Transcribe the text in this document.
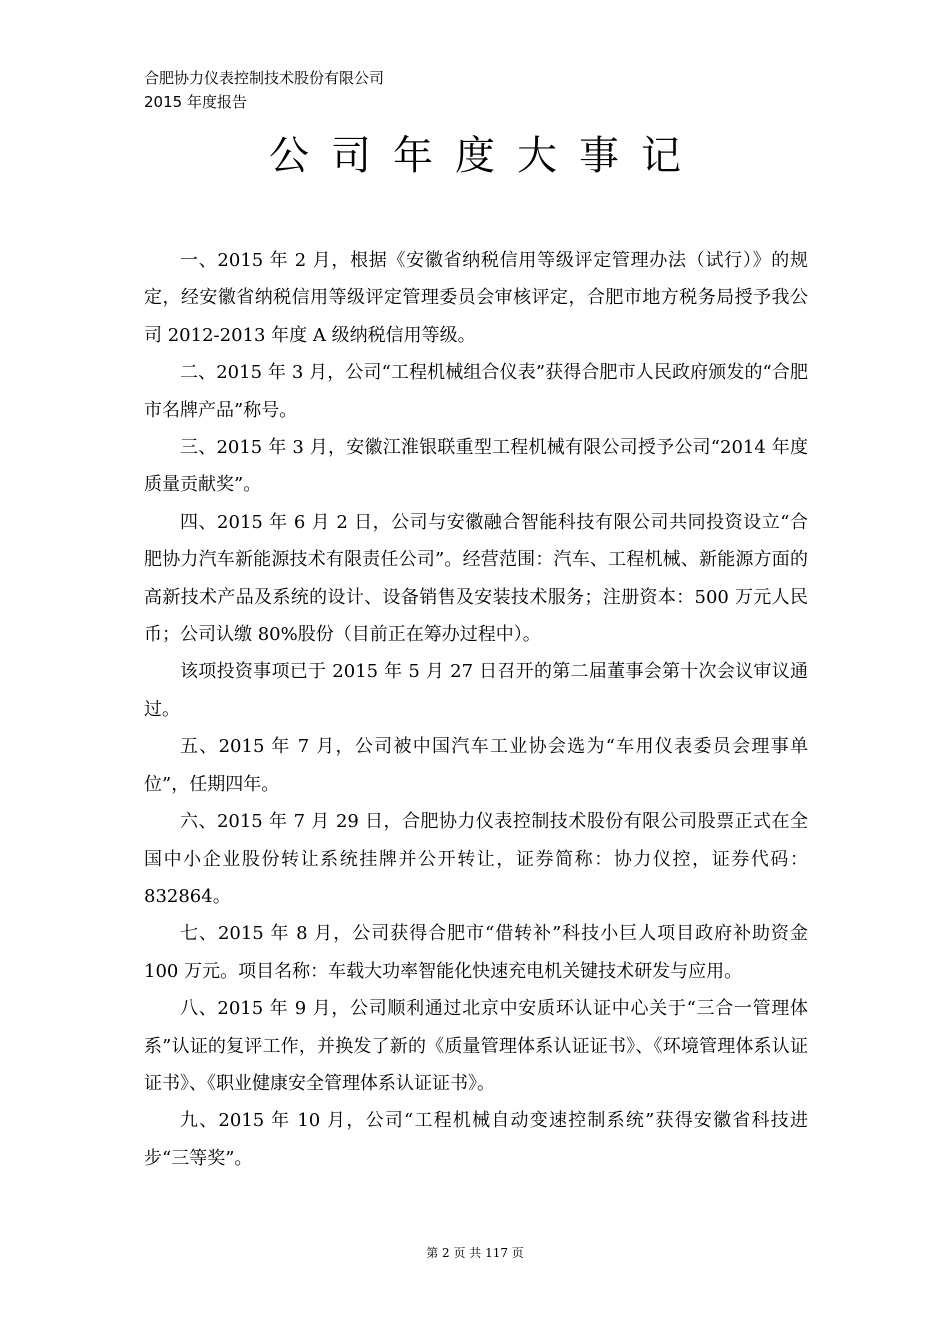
合肥协力仪表控制技术股份有限公司
2015 年度报告
公司年度大事记

一、2015 年 2 月，根据《安徽省纳税信用等级评定管理办法（试行）》的规定，经安徽省纳税信用等级评定管理委员会审核评定，合肥市地方税务局授予我公司 2012-2013 年度 A 级纳税信用等级。

二、2015 年 3 月，公司“工程机械组合仪表”获得合肥市人民政府颁发的“合肥市名牌产品”称号。

三、2015 年 3 月，安徽江淮银联重型工程机械有限公司授予公司“2014 年度质量贡献奖”。

四、2015 年 6 月 2 日，公司与安徽融合智能科技有限公司共同投资设立“合肥协力汽车新能源技术有限责任公司”。经营范围：汽车、工程机械、新能源方面的高新技术产品及系统的设计、设备销售及安装技术服务；注册资本：500 万元人民币；公司认缴 80%股份（目前正在筹办过程中）。

该项投资事项已于 2015 年 5 月 27 日召开的第二届董事会第十次会议审议通过。

五、2015 年 7 月，公司被中国汽车工业协会选为“车用仪表委员会理事单位”，任期四年。

六、2015 年 7 月 29 日，合肥协力仪表控制技术股份有限公司股票正式在全国中小企业股份转让系统挂牌并公开转让，证券简称：协力仪控，证券代码：832864。

七、2015 年 8 月，公司获得合肥市“借转补”科技小巨人项目政府补助资金 100 万元。项目名称：车载大功率智能化快速充电机关键技术研发与应用。

八、2015 年 9 月，公司顺利通过北京中安质环认证中心关于“三合一管理体系”认证的复评工作，并换发了新的《质量管理体系认证证书》、《环境管理体系认证证书》、《职业健康安全管理体系认证证书》。

九、2015 年 10 月，公司“工程机械自动变速控制系统”获得安徽省科技进步“三等奖”。

第 2 页 共 117 页
